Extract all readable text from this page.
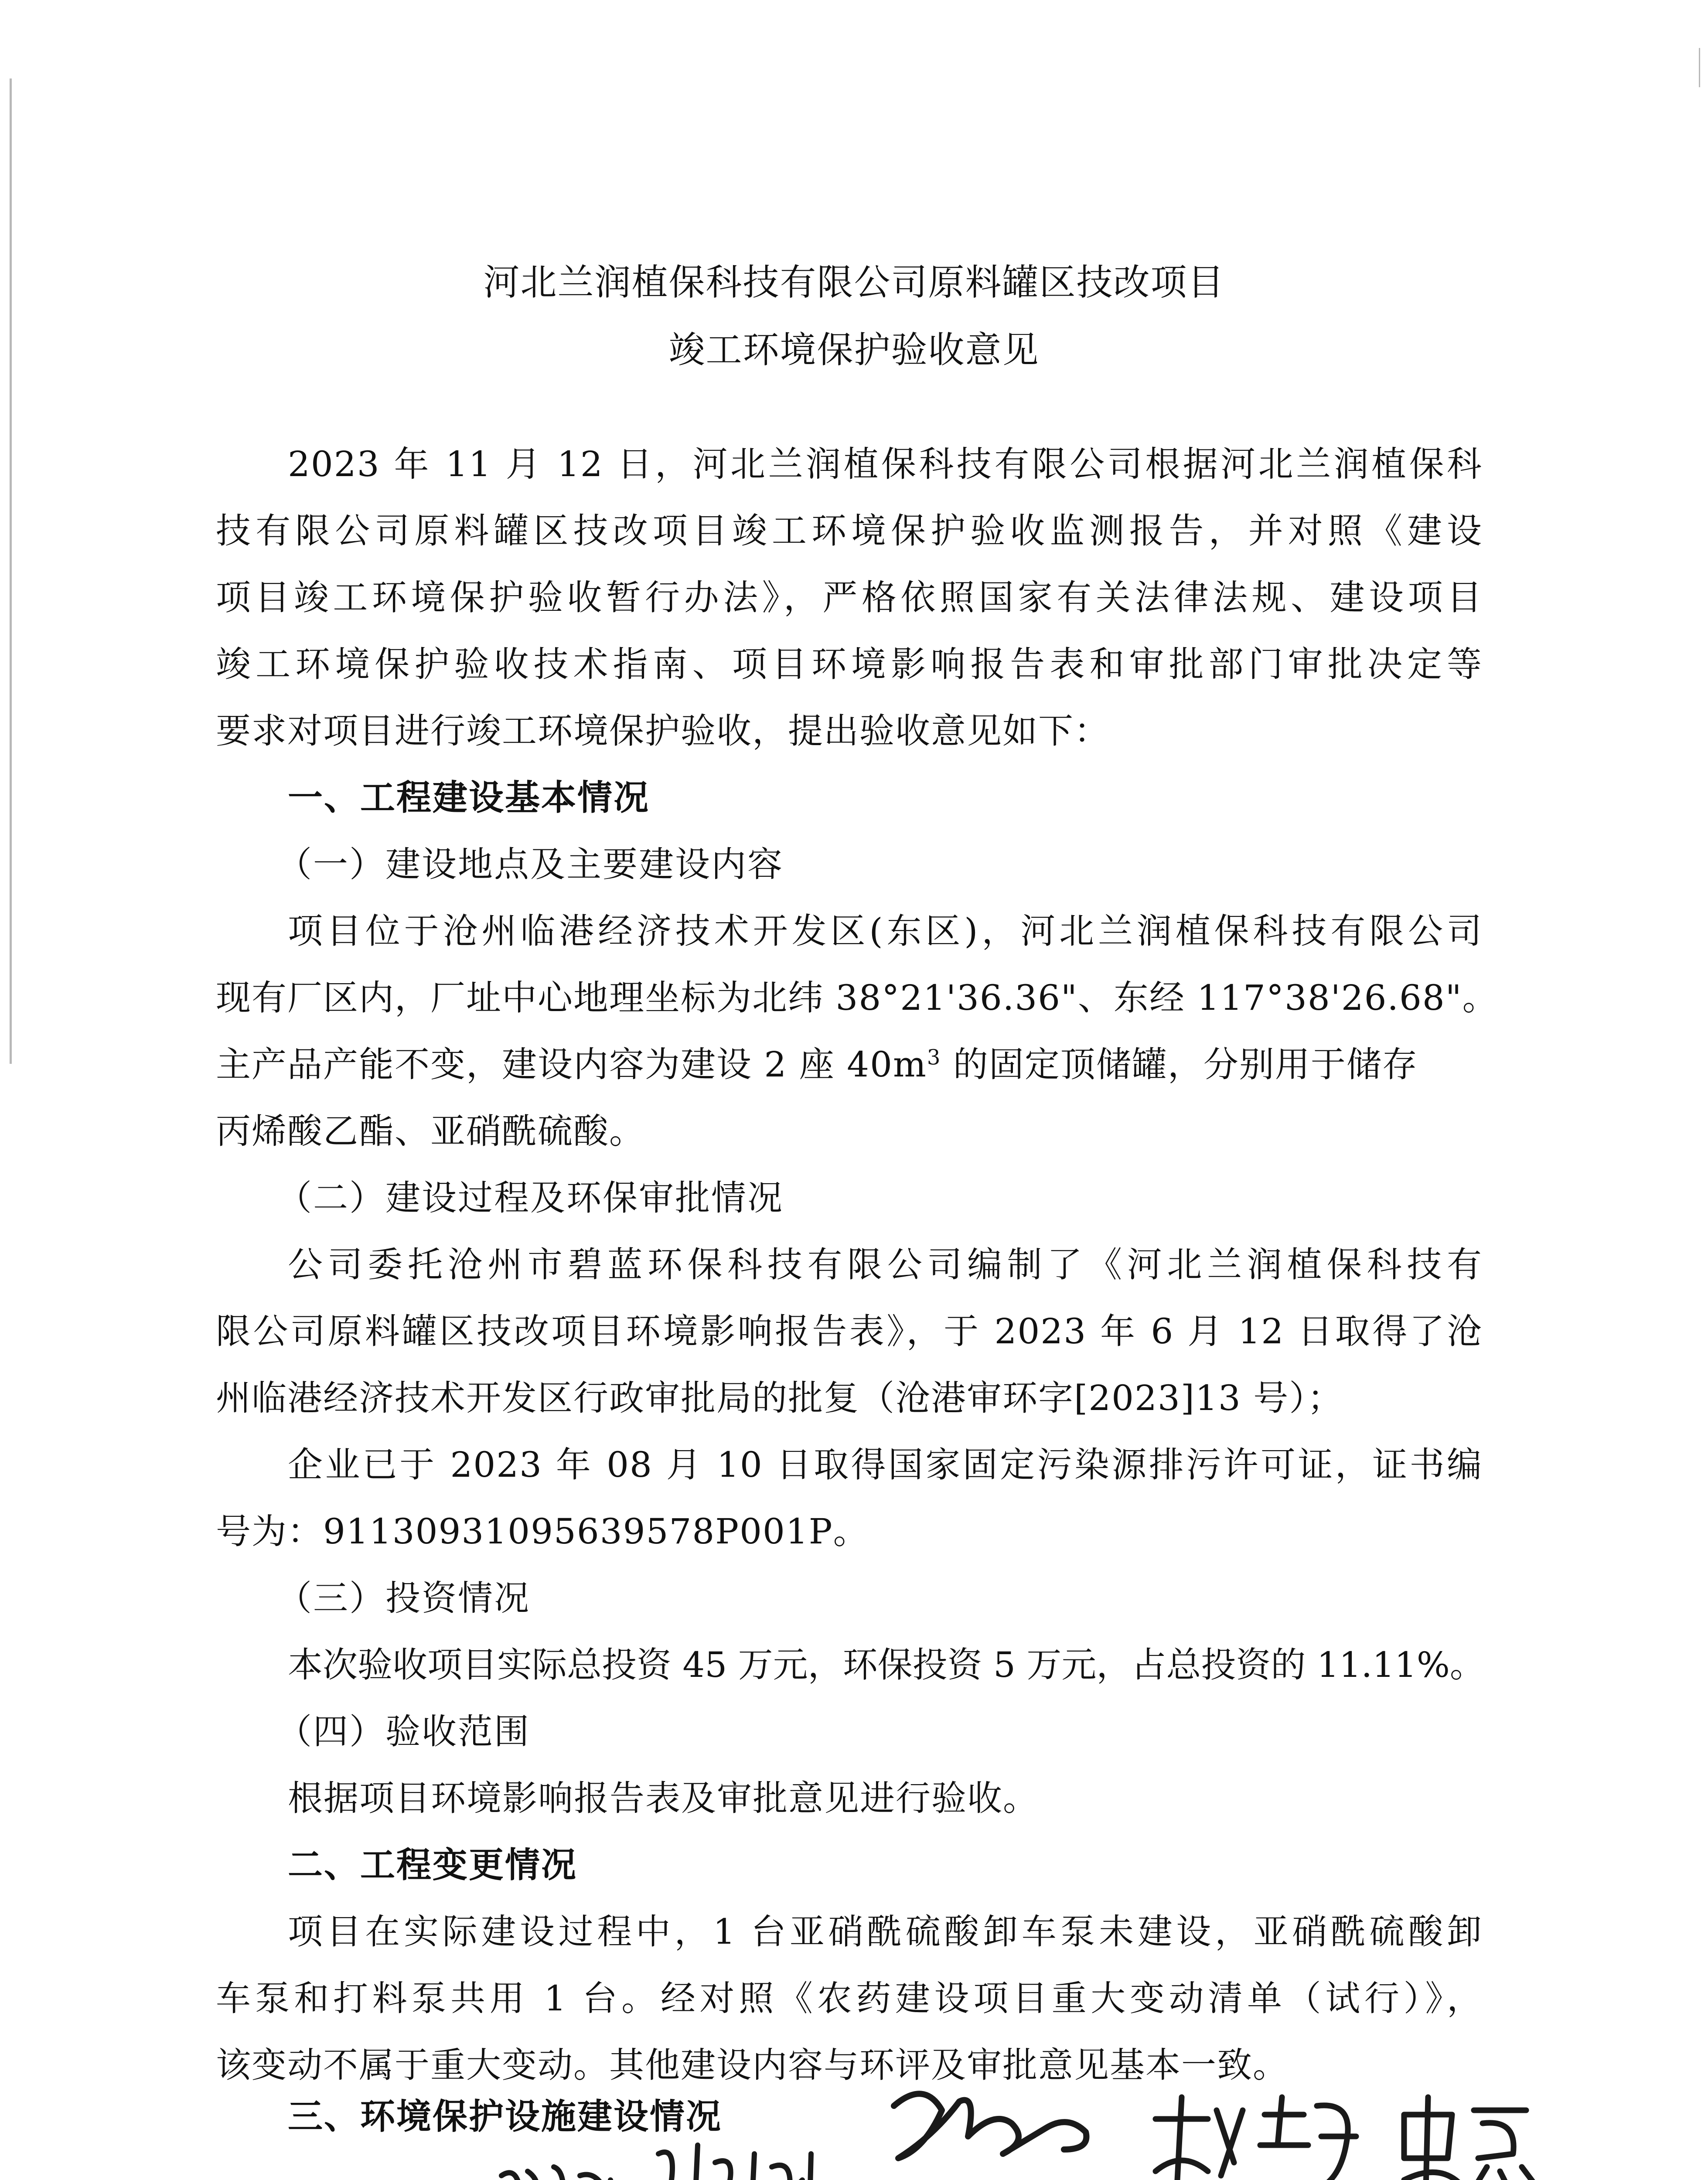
河北兰润植保科技有限公司原料罐区技改项目
竣工环境保护验收意见
2023 年 11 月 12 日，河北兰润植保科技有限公司根据河北兰润植保科
技有限公司原料罐区技改项目竣工环境保护验收监测报告，并对照《建设
项目竣工环境保护验收暂行办法》，严格依照国家有关法律法规、建设项目
竣工环境保护验收技术指南、项目环境影响报告表和审批部门审批决定等
要求对项目进行竣工环境保护验收，提出验收意见如下：
一、工程建设基本情况
（一）建设地点及主要建设内容
项目位于沧州临港经济技术开发区(东区)，河北兰润植保科技有限公司
现有厂区内，厂址中心地理坐标为北纬 38°21'36.36"、东经 117°38'26.68"。
主产品产能不变，建设内容为建设 2 座 $40m^3$ 的固定顶储罐，分别用于储存
丙烯酸乙酯、亚硝酰硫酸。
（二）建设过程及环保审批情况
公司委托沧州市碧蓝环保科技有限公司编制了《河北兰润植保科技有
限公司原料罐区技改项目环境影响报告表》，于 2023 年 6 月 12 日取得了沧
州临港经济技术开发区行政审批局的批复（沧港审环字[2023]13 号）；
企业已于 2023 年 08 月 10 日取得国家固定污染源排污许可证，证书编
号为：91130931095639578P001P。
（三）投资情况
本次验收项目实际总投资 45 万元，环保投资 5 万元，占总投资的 11.11%。
（四）验收范围
根据项目环境影响报告表及审批意见进行验收。
二、工程变更情况
项目在实际建设过程中，1 台亚硝酰硫酸卸车泵未建设，亚硝酰硫酸卸
车泵和打料泵共用 1 台。经对照《农药建设项目重大变动清单（试行）》，
该变动不属于重大变动。其他建设内容与环评及审批意见基本一致。
三、环境保护设施建设情况
